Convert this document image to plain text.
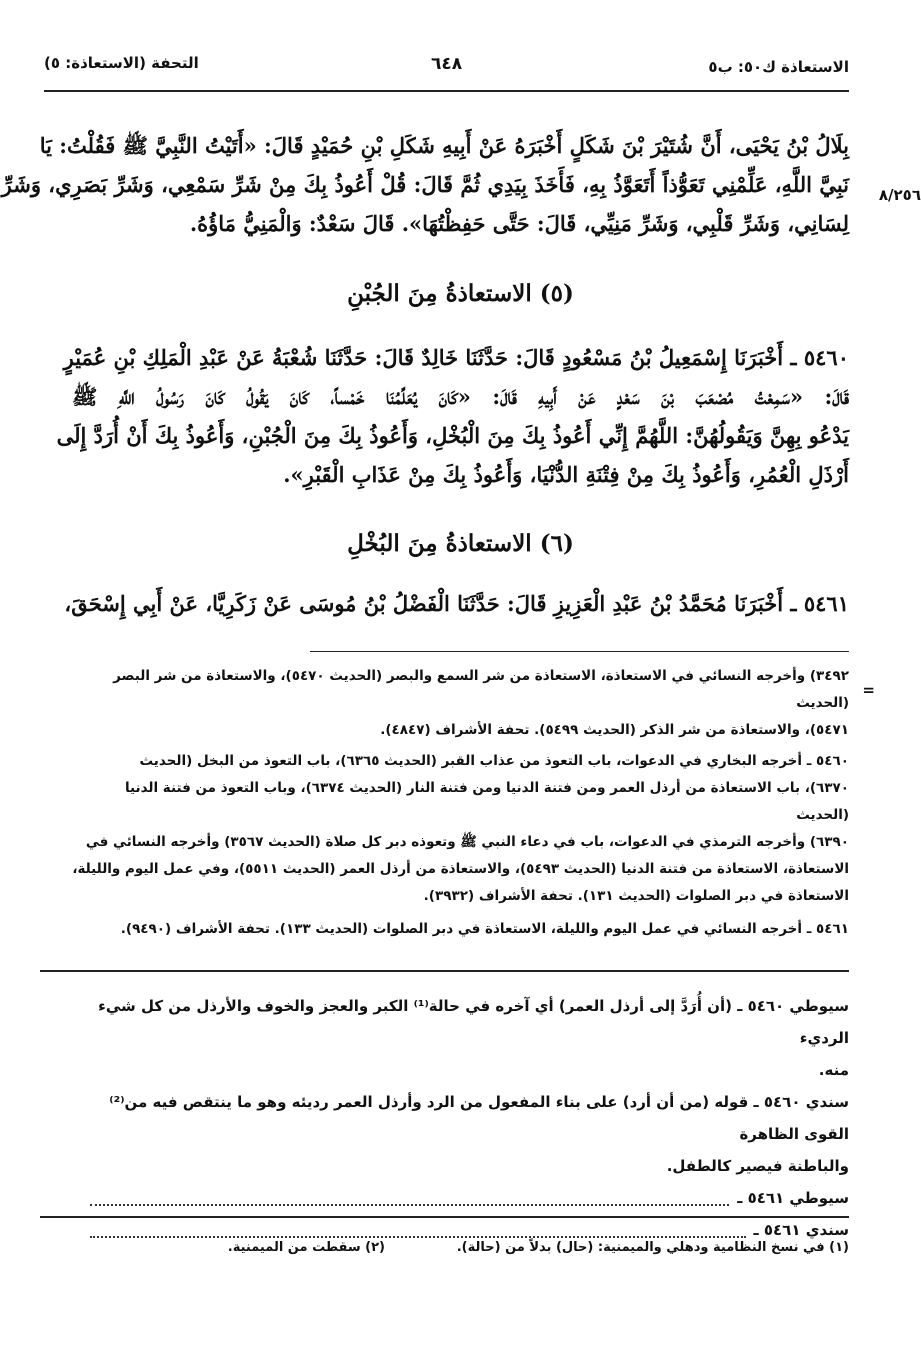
الاستعاذة ك٥٠: ب٥
٦٤٨
التحفة (الاستعاذة: ٥)
٨/٢٥٦
بِلَالُ بْنُ يَحْيَى، أَنَّ شُتَيْرَ بْنَ شَكَلٍ أَخْبَرَهُ عَنْ أَبِيهِ شَكَلِ بْنِ حُمَيْدٍ قَالَ: «أَتَيْتُ النَّبِيَّ ﷺ فَقُلْتُ: يَا
نَبِيَّ اللَّهِ، عَلِّمْنِي تَعَوُّذاً أَتَعَوَّذُ بِهِ، فَأَخَذَ بِيَدِي ثُمَّ قَالَ: قُلْ أَعُوذُ بِكَ مِنْ شَرِّ سَمْعِي، وَشَرِّ بَصَرِي، وَشَرِّ
لِسَانِي، وَشَرِّ قَلْبِي، وَشَرِّ مَنِيِّي، قَالَ: حَتَّى حَفِظْتُهَا». قَالَ سَعْدٌ: وَالْمَنِيُّ مَاؤُهُ.
(٥) الاستعاذةُ مِنَ الجُبْنِ
٥٤٦٠ ـ أَخْبَرَنَا إِسْمَعِيلُ بْنُ مَسْعُودٍ قَالَ: حَدَّثَنَا خَالِدٌ قَالَ: حَدَّثَنَا شُعْبَةُ عَنْ عَبْدِ الْمَلِكِ بْنِ عُمَيْرٍ
قَالَ: «سَمِعْتُ مُصْعَبَ بْنَ سَعْدٍ عَنْ أَبِيهِ قَالَ: «كَانَ يُعَلِّمُنَا خَمْساً، كَانَ يَقُولُ كَانَ رَسُولُ اللَّهِ ﷺ
يَدْعُو بِهِنَّ وَيَقُولُهُنَّ: اللَّهُمَّ إِنِّي أَعُوذُ بِكَ مِنَ الْبُخْلِ، وَأَعُوذُ بِكَ مِنَ الْجُبْنِ، وَأَعُوذُ بِكَ أَنْ أُرَدَّ إِلَى
أَرْذَلِ الْعُمُرِ، وَأَعُوذُ بِكَ مِنْ فِتْنَةِ الدُّنْيَا، وَأَعُوذُ بِكَ مِنْ عَذَابِ الْقَبْرِ».
(٦) الاستعاذةُ مِنَ البُخْلِ
٥٤٦١ ـ أَخْبَرَنَا مُحَمَّدُ بْنُ عَبْدِ الْعَزِيزِ قَالَ: حَدَّثَنَا الْفَضْلُ بْنُ مُوسَى عَنْ زَكَرِيَّا، عَنْ أَبِي إِسْحَقَ،
=

٣٤٩٢) وأخرجه النسائي في الاستعاذة، الاستعاذة من شر السمع والبصر (الحديث ٥٤٧٠)، والاستعاذة من شر البصر (الحديث

٥٤٧١)، والاستعاذة من شر الذكر (الحديث ٥٤٩٩). تحفة الأشراف (٤٨٤٧).

٥٤٦٠ ـ أخرجه البخاري في الدعوات، باب التعوذ من عذاب القبر (الحديث ٦٣٦٥)، باب التعوذ من البخل (الحديث

٦٣٧٠)، باب الاستعاذة من أرذل العمر ومن فتنة الدنيا ومن فتنة النار (الحديث ٦٣٧٤)، وباب التعوذ من فتنة الدنيا (الحديث

٦٣٩٠) وأخرجه الترمذي في الدعوات، باب في دعاء النبي ﷺ وتعوذه دبر كل صلاة (الحديث ٣٥٦٧) وأخرجه النسائي في

الاستعاذة، الاستعاذة من فتنة الدنيا (الحديث ٥٤٩٣)، والاستعاذة من أرذل العمر (الحديث ٥٥١١)، وفي عمل اليوم والليلة،

الاستعاذة في دبر الصلوات (الحديث ١٣١). تحفة الأشراف (٣٩٣٢).

٥٤٦١ ـ أخرجه النسائي في عمل اليوم والليلة، الاستعاذة في دبر الصلوات (الحديث ١٣٣). تحفة الأشراف (٩٤٩٠).

سيوطي ٥٤٦٠ ـ (أن أُرَدَّ إلى أرذل العمر) أي آخره في حالة⁽¹⁾ الكبر والعجز والخوف والأرذل من كل شيء الرديء

منه.

سندي ٥٤٦٠ ـ قوله (من أن أرد) على بناء المفعول من الرد وأرذل العمر رديئه وهو ما ينتقص فيه من⁽²⁾ القوى الظاهرة

والباطنة فيصير كالطفل.

سيوطي ٥٤٦١ ـ
سندي ٥٤٦١ ـ
(١) في نسخ النظامية ودهلي والميمنية: (حال) بدلاً من (حالة).
(٢) سقطت من الميمنية.
